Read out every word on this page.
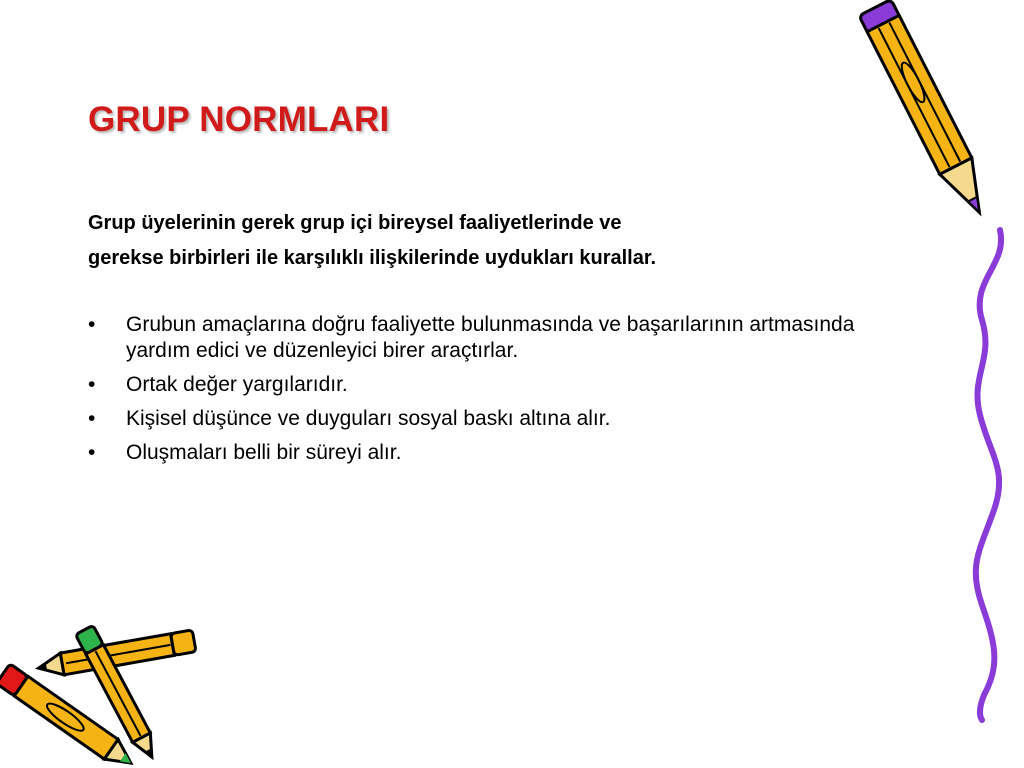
GRUP NORMLARI
Grup üyelerinin gerek grup içi bireysel faaliyetlerinde ve
gerekse birbirleri ile karşılıklı ilişkilerinde uydukları kurallar.
• Grubun amaçlarına doğru faaliyette bulunmasında ve başarılarının artmasında yardım edici ve düzenleyici birer araçtırlar.
• Ortak değer yargılarıdır.
• Kişisel düşünce ve duyguları sosyal baskı altına alır.
• Oluşmaları belli bir süreyi alır.
